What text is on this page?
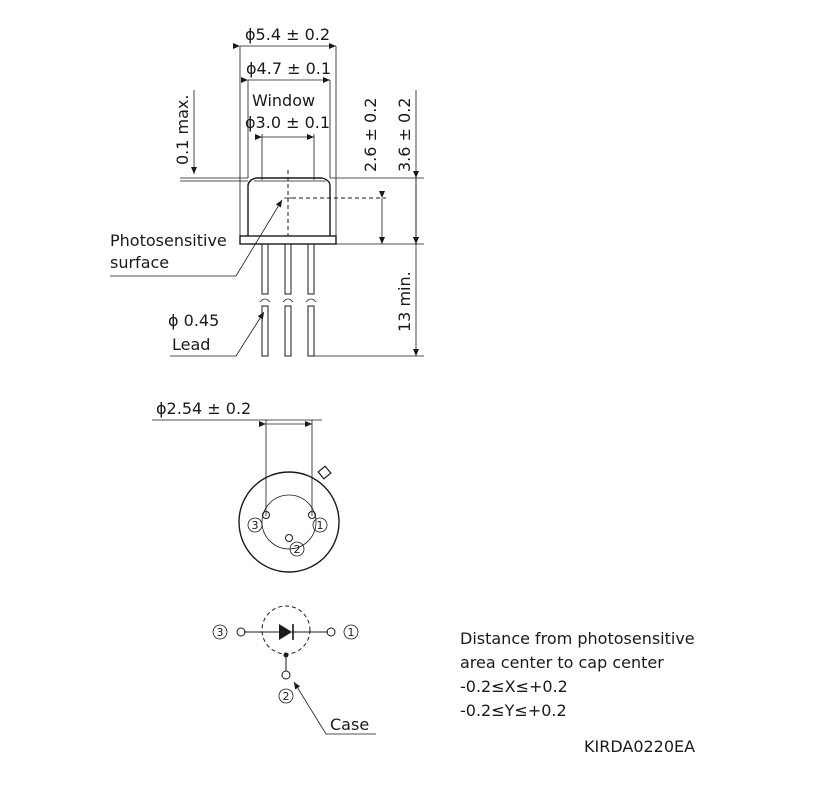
ϕ5.4 ± 0.2
ϕ4.7 ± 0.1
Window
ϕ3.0 ± 0.1
0.1 max.	2.6 ± 0.2 3.6 ± 0.2
13 min.
Photosensitive
surface
ϕ 0.45
Lead
ϕ2.54 ± 0.2
3	1
2
3	1
2
Case
Distance from photosensitive
area center to cap center
-0.2≤X≤+0.2
-0.2≤Y≤+0.2
KIRDA0220EA
